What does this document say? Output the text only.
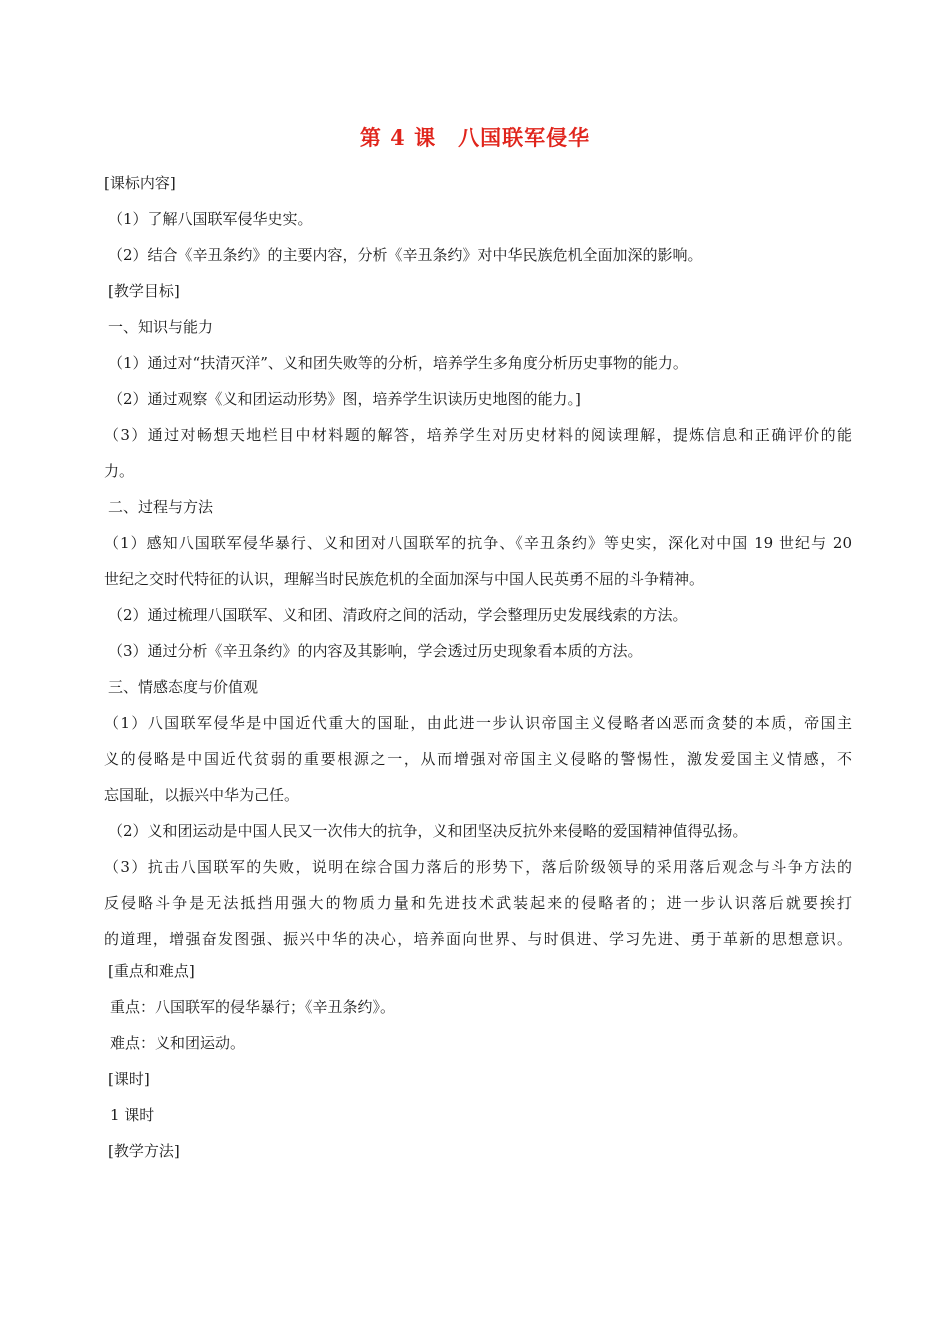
第 4 课　八国联军侵华
[课标内容]
（1）了解八国联军侵华史实。
（2）结合《辛丑条约》的主要内容，分析《辛丑条约》对中华民族危机全面加深的影响。
[教学目标]
一、知识与能力
（1）通过对“扶清灭洋”、义和团失败等的分析，培养学生多角度分析历史事物的能力。
（2）通过观察《义和团运动形势》图，培养学生识读历史地图的能力。]
（3）通过对畅想天地栏目中材料题的解答，培养学生对历史材料的阅读理解，提炼信息和正确评价的能
力。
二、过程与方法
（1）感知八国联军侵华暴行、义和团对八国联军的抗争、《辛丑条约》等史实，深化对中国 19 世纪与 20
世纪之交时代特征的认识，理解当时民族危机的全面加深与中国人民英勇不屈的斗争精神。
（2）通过梳理八国联军、义和团、清政府之间的活动，学会整理历史发展线索的方法。
（3）通过分析《辛丑条约》的内容及其影响，学会透过历史现象看本质的方法。
三、情感态度与价值观
（1）八国联军侵华是中国近代重大的国耻，由此进一步认识帝国主义侵略者凶恶而贪婪的本质，帝国主
义的侵略是中国近代贫弱的重要根源之一，从而增强对帝国主义侵略的警惕性，激发爱国主义情感，不
忘国耻，以振兴中华为己任。
（2）义和团运动是中国人民又一次伟大的抗争，义和团坚决反抗外来侵略的爱国精神值得弘扬。
（3）抗击八国联军的失败，说明在综合国力落后的形势下，落后阶级领导的采用落后观念与斗争方法的
反侵略斗争是无法抵挡用强大的物质力量和先进技术武装起来的侵略者的；进一步认识落后就要挨打
的道理，增强奋发图强、振兴中华的决心，培养面向世界、与时俱进、学习先进、勇于革新的思想意识。
[重点和难点]
重点：八国联军的侵华暴行；《辛丑条约》。
难点：义和团运动。
[课时]
1 课时
[教学方法]
